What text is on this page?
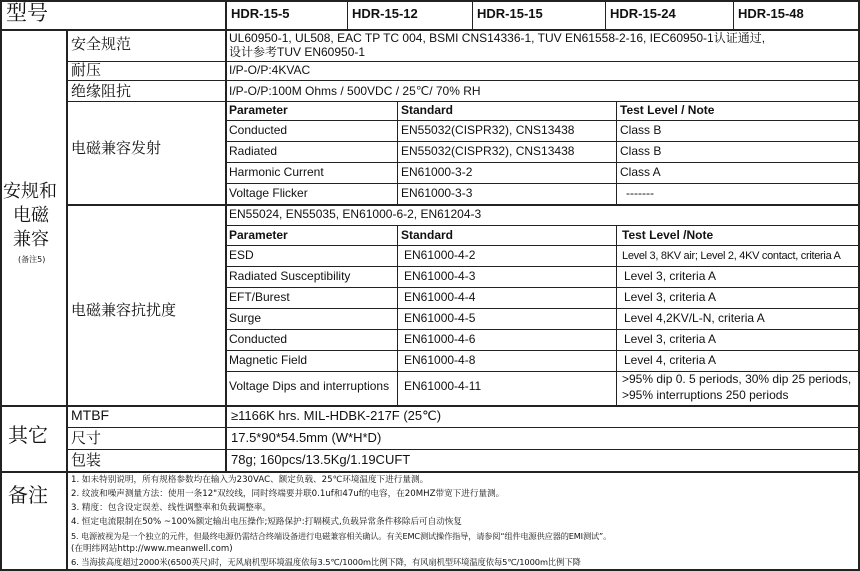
型号	HDR-15-5	HDR-15-12	HDR-15-15	HDR-15-24	HDR-15-48
安规和
电磁
兼容
(备注5)
安全规范	UL60950-1, UL508, EAC TP TC 004, BSMI CNS14336-1, TUV EN61558-2-16, IEC60950-1认证通过,
设计参考TUV EN60950-1
耐压	I/P-O/P:4KVAC
绝缘阻抗	I/P-O/P:100M Ohms / 500VDC / 25℃/ 70% RH
电磁兼容发射
Parameter	Standard	Test Level / Note
Conducted	EN55032(CISPR32), CNS13438	Class B
Radiated	EN55032(CISPR32), CNS13438	Class B
Harmonic Current	EN61000-3-2	Class A
Voltage Flicker	EN61000-3-3	-------
电磁兼容抗扰度
EN55024, EN55035, EN61000-6-2, EN61204-3
Parameter	Standard	Test Level /Note
ESD	EN61000-4-2	Level 3, 8KV air; Level 2, 4KV contact, criteria A
Radiated Susceptibility	EN61000-4-3	Level 3, criteria A
EFT/Burest	EN61000-4-4	Level 3, criteria A
Surge	EN61000-4-5	Level 4,2KV/L-N, criteria A
Conducted	EN61000-4-6	Level 3, criteria A
Magnetic Field	EN61000-4-8	Level 4, criteria A
Voltage Dips and interruptions EN61000-4-11	>95% dip 0. 5 periods, 30% dip 25 periods,
>95% interruptions 250 periods
其它
MTBF	≥1166K hrs. MIL-HDBK-217F (25℃)
尺寸	17.5*90*54.5mm (W*H*D)
包装	78g; 160pcs/13.5Kg/1.19CUFT
备注
1. 如未特别说明，所有规格参数均在输入为230VAC、额定负载、25℃环境温度下进行量测。
2. 纹波和噪声测量方法：使用一条12"双绞线，同时终端要并联0.1uf和47uf的电容，在20MHZ带宽下进行量测。
3. 精度：包含设定误差、线性调整率和负载调整率。
4. 恒定电流限制在50% ~100%额定输出电压操作;短路保护:打嗝模式,负载异常条件移除后可自动恢复
5. 电源被视为是一个独立的元件，但最终电源仍需结合终端设备进行电磁兼容相关确认。有关EMC测试操作指导，请参阅“组件电源供应器的EMI测试”。
(在明纬网站http://www.meanwell.com)
6. 当海拔高度超过2000米(6500英尺)时，无风扇机型环境温度依每3.5℃/1000m比例下降，有风扇机型环境温度依每5℃/1000m比例下降
